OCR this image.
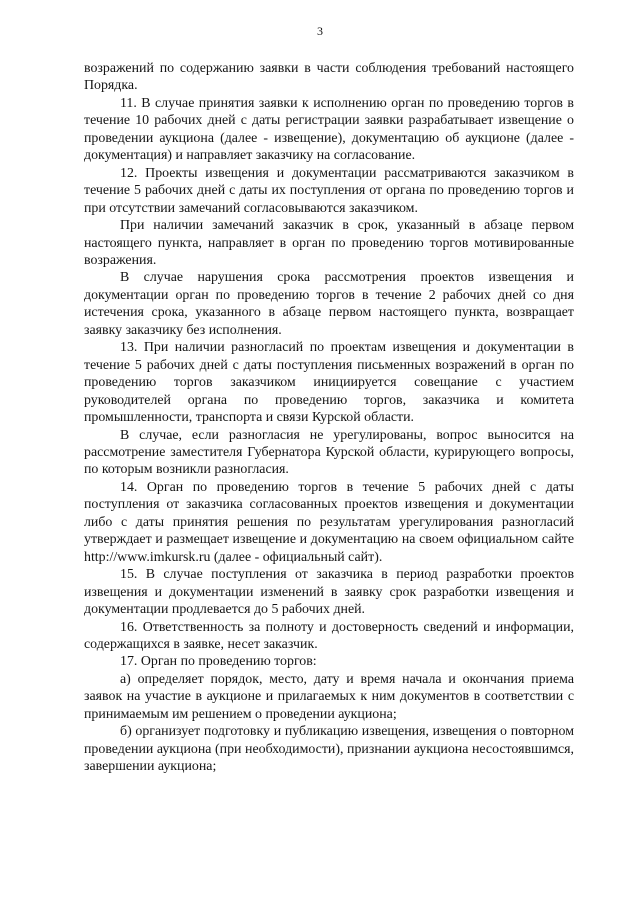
3

возражений по содержанию заявки в части соблюдения требований настоящего Порядка.

11. В случае принятия заявки к исполнению орган по проведению торгов в течение 10 рабочих дней с даты регистрации заявки разрабатывает извещение о проведении аукциона (далее - извещение), документацию об аукционе (далее - документация) и направляет заказчику на согласование.

12. Проекты извещения и документации рассматриваются заказчиком в течение 5 рабочих дней с даты их поступления от органа по проведению торгов и при отсутствии замечаний согласовываются заказчиком.

При наличии замечаний заказчик в срок, указанный в абзаце первом настоящего пункта, направляет в орган по проведению торгов мотивированные возражения.

В случае нарушения срока рассмотрения проектов извещения и документации орган по проведению торгов в течение 2 рабочих дней со дня истечения срока, указанного в абзаце первом настоящего пункта, возвращает заявку заказчику без исполнения.

13. При наличии разногласий по проектам извещения и документации в течение 5 рабочих дней с даты поступления письменных возражений в орган по проведению торгов заказчиком инициируется совещание с участием руководителей органа по проведению торгов, заказчика и комитета промышленности, транспорта и связи Курской области.

В случае, если разногласия не урегулированы, вопрос выносится на рассмотрение заместителя Губернатора Курской области, курирующего вопросы, по которым возникли разногласия.

14. Орган по проведению торгов в течение 5 рабочих дней с даты поступления от заказчика согласованных проектов извещения и документации либо с даты принятия решения по результатам урегулирования разногласий утверждает и размещает извещение и документацию на своем официальном сайте http://www.imkursk.ru (далее - официальный сайт).

15. В случае поступления от заказчика в период разработки проектов извещения и документации изменений в заявку срок разработки извещения и документации продлевается до 5 рабочих дней.

16. Ответственность за полноту и достоверность сведений и информации, содержащихся в заявке, несет заказчик.

17. Орган по проведению торгов:

а) определяет порядок, место, дату и время начала и окончания приема заявок на участие в аукционе и прилагаемых к ним документов в соответствии с принимаемым им решением о проведении аукциона;

б) организует подготовку и публикацию извещения, извещения о повторном проведении аукциона (при необходимости), признании аукциона несостоявшимся, завершении аукциона;
